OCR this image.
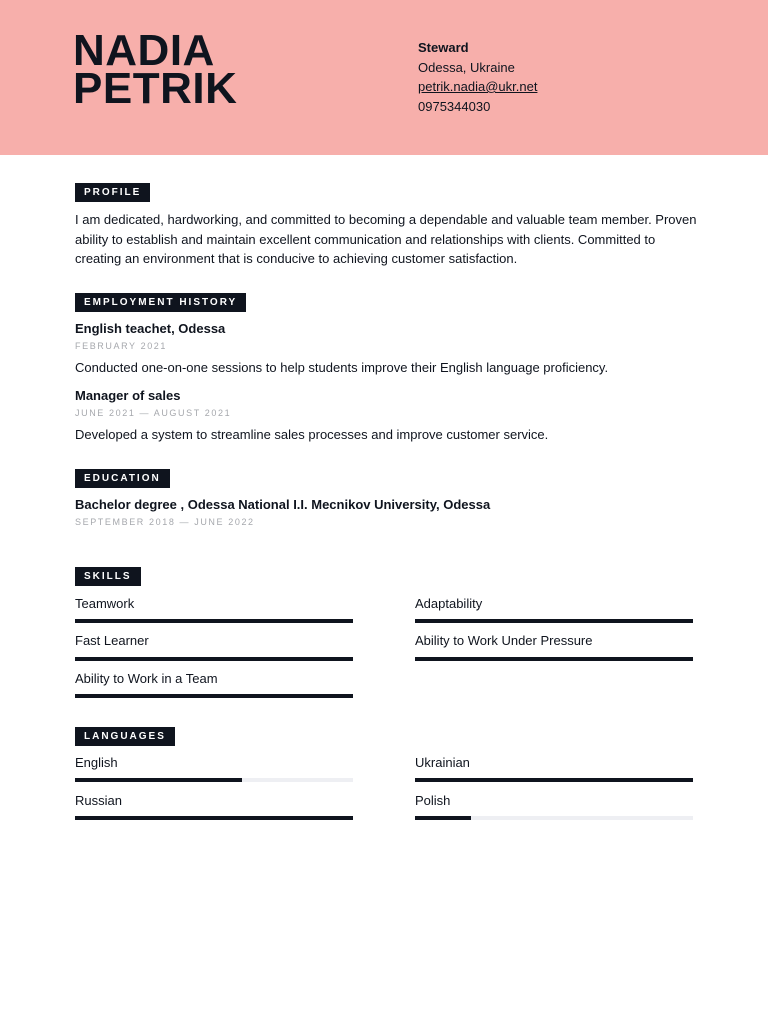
NADIA
PETRIK
Steward
Odessa, Ukraine
petrik.nadia@ukr.net
0975344030
PROFILE
I am dedicated, hardworking, and committed to becoming a dependable and valuable team member. Proven ability to establish and maintain excellent communication and relationships with clients. Committed to creating an environment that is conducive to achieving customer satisfaction.
EMPLOYMENT HISTORY
English teachet, Odessa
FEBRUARY 2021
Conducted one-on-one sessions to help students improve their English language proficiency.
Manager of sales
JUNE 2021 — AUGUST 2021
Developed a system to streamline sales processes and improve customer service.
EDUCATION
Bachelor degree , Odessa National I.I. Mecnikov University, Odessa
SEPTEMBER 2018 — JUNE 2022
SKILLS
Teamwork	Adaptability
Fast Learner	Ability to Work Under Pressure
Ability to Work in a Team
LANGUAGES
English	Ukrainian
Russian	Polish
